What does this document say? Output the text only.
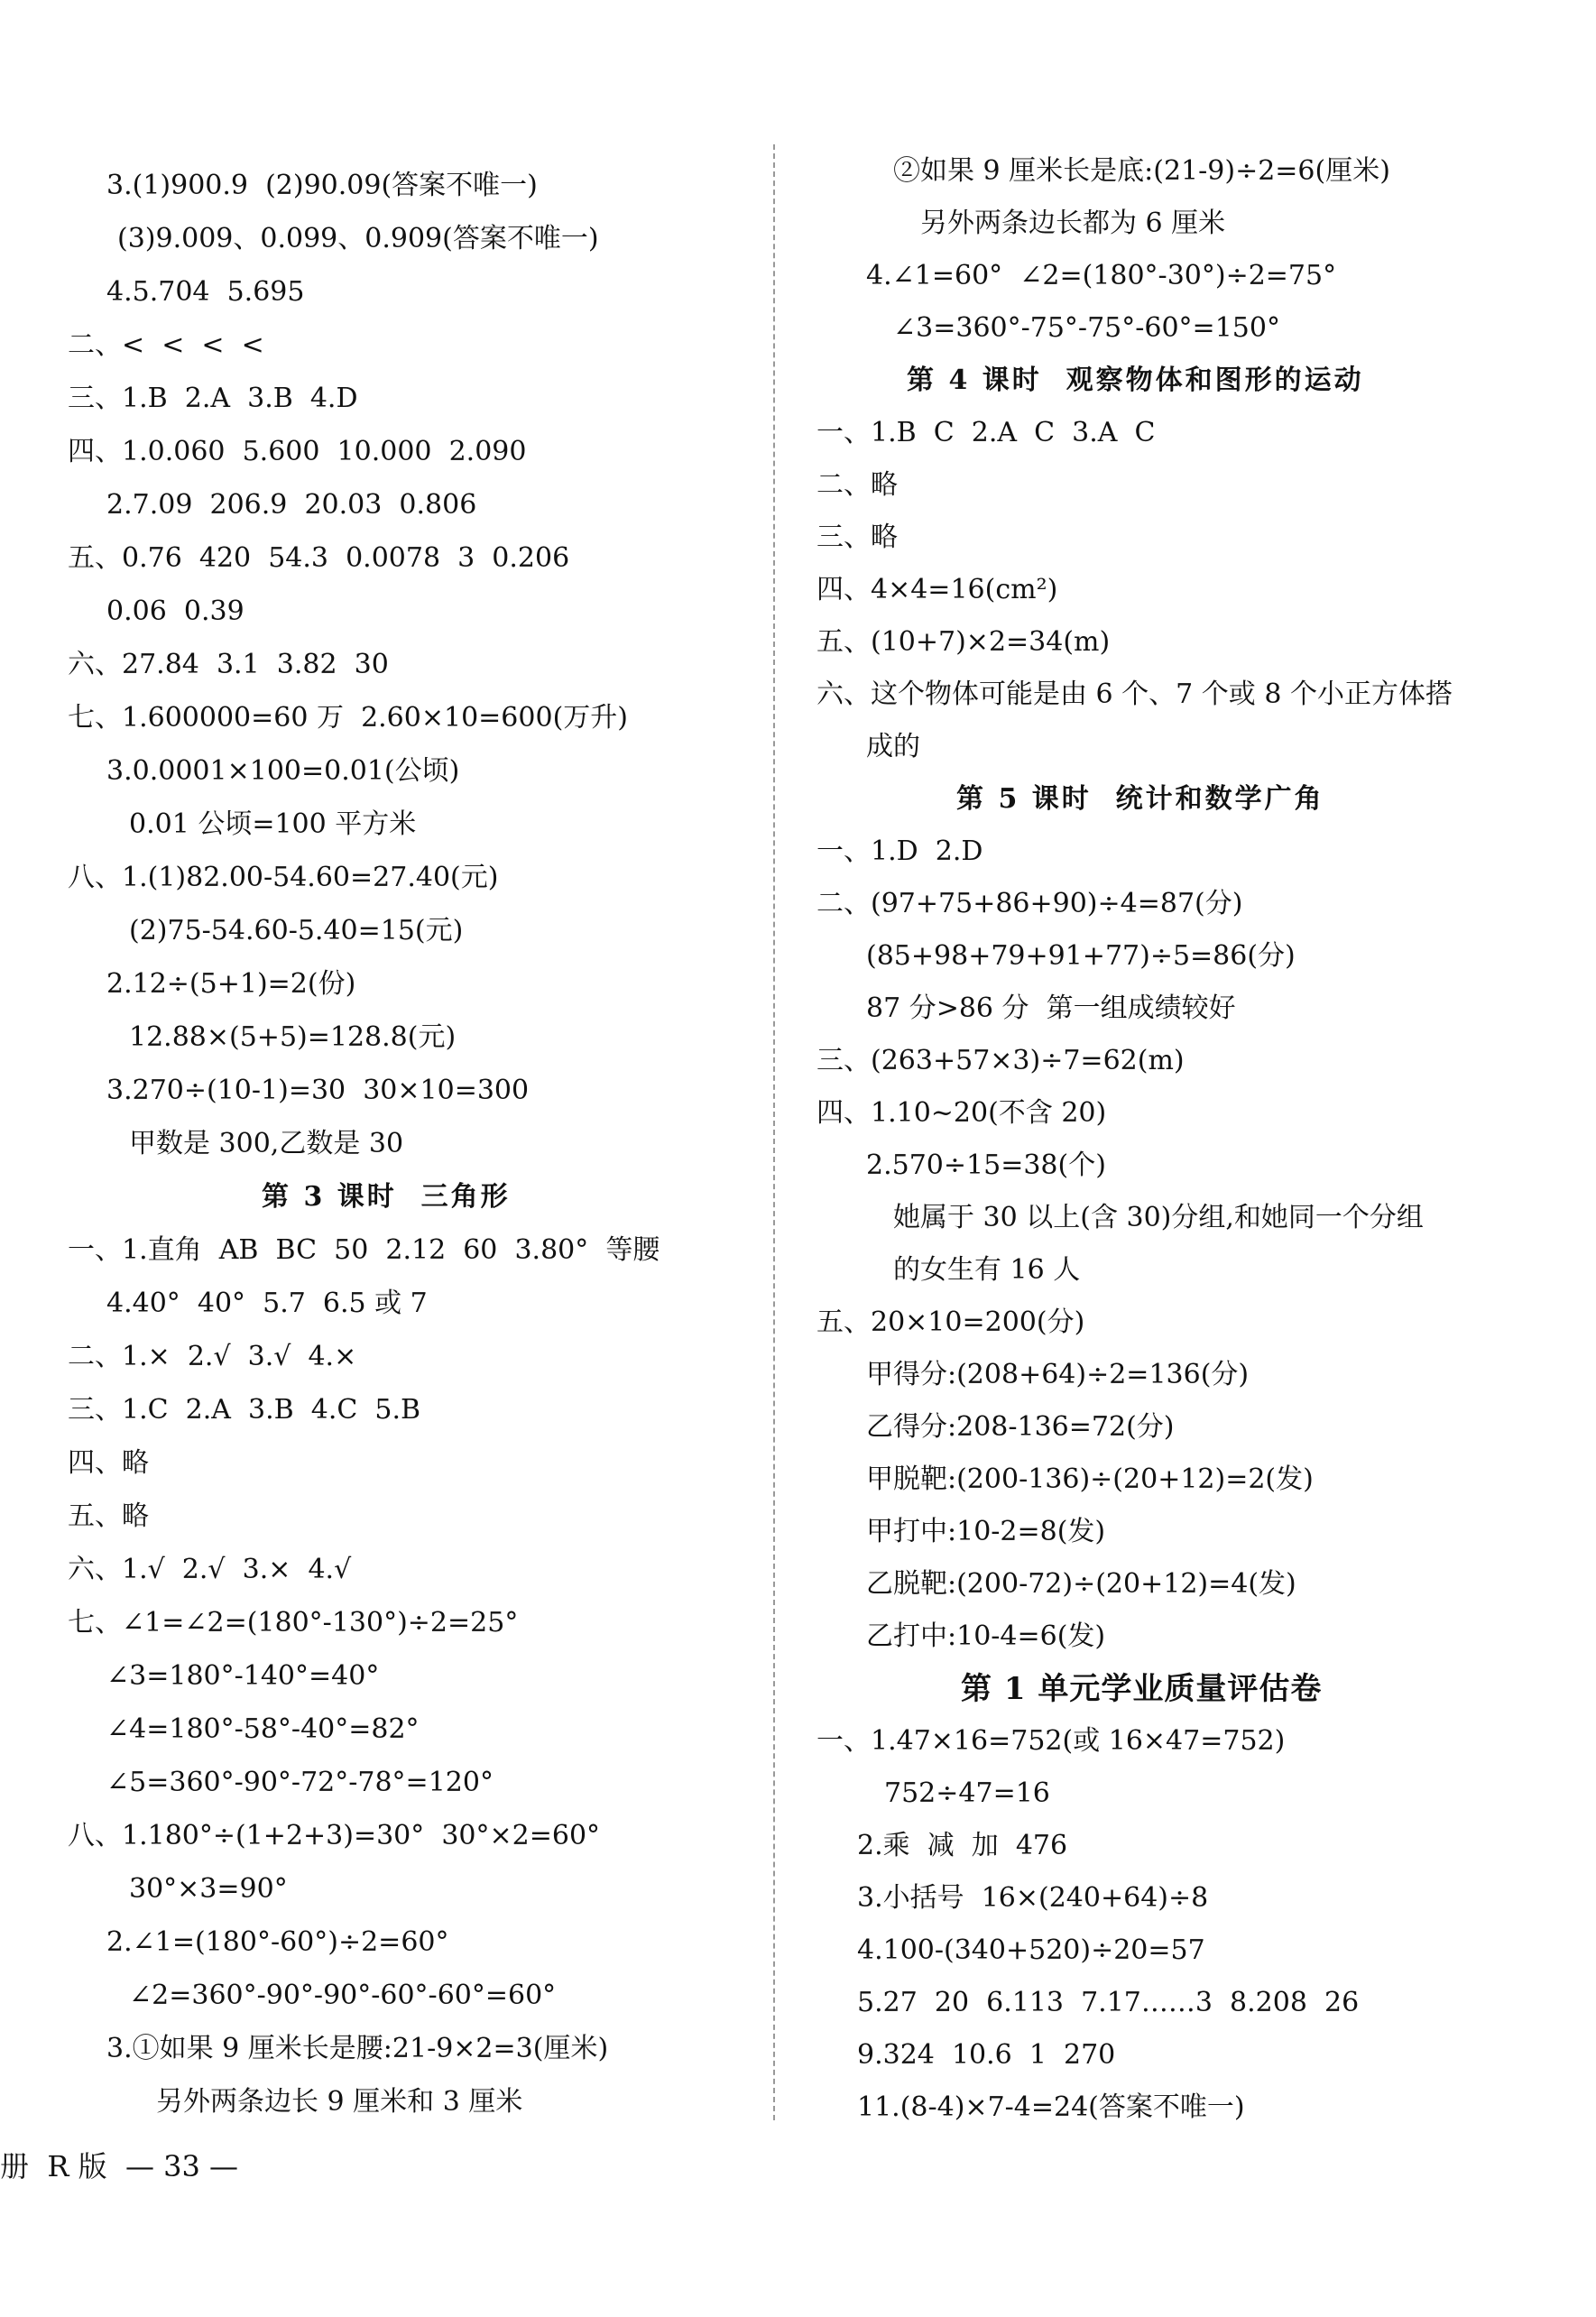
3.(1)900.9  (2)90.09(答案不唯一)
(3)9.009、0.099、0.909(答案不唯一)
4.5.704  5.695
二、<  <  <  <
三、1.B  2.A  3.B  4.D
四、1.0.060  5.600  10.000  2.090
2.7.09  206.9  20.03  0.806
五、0.76  420  54.3  0.0078  3  0.206
0.06  0.39
六、27.84  3.1  3.82  30
七、1.600000=60 万  2.60×10=600(万升)
3.0.0001×100=0.01(公顷)
0.01 公顷=100 平方米
八、1.(1)82.00-54.60=27.40(元)
(2)75-54.60-5.40=15(元)
2.12÷(5+1)=2(份)
12.88×(5+5)=128.8(元)
3.270÷(10-1)=30  30×10=300
甲数是 300,乙数是 30
第 3 课时  三角形
一、1.直角  AB  BC  50  2.12  60  3.80°  等腰
4.40°  40°  5.7  6.5 或 7
二、1.×  2.√  3.√  4.×
三、1.C  2.A  3.B  4.C  5.B
四、略
五、略
六、1.√  2.√  3.×  4.√
七、∠1=∠2=(180°-130°)÷2=25°
∠3=180°-140°=40°
∠4=180°-58°-40°=82°
∠5=360°-90°-72°-78°=120°
八、1.180°÷(1+2+3)=30°  30°×2=60°
30°×3=90°
2.∠1=(180°-60°)÷2=60°
∠2=360°-90°-90°-60°-60°=60°
3.①如果 9 厘米长是腰:21-9×2=3(厘米)
另外两条边长 9 厘米和 3 厘米
②如果 9 厘米长是底:(21-9)÷2=6(厘米)
另外两条边长都为 6 厘米
4.∠1=60°  ∠2=(180°-30°)÷2=75°
∠3=360°-75°-75°-60°=150°
第 4 课时  观察物体和图形的运动
一、1.B  C  2.A  C  3.A  C
二、略
三、略
四、4×4=16(cm²)
五、(10+7)×2=34(m)
六、这个物体可能是由 6 个、7 个或 8 个小正方体搭
成的
第 5 课时  统计和数学广角
一、1.D  2.D
二、(97+75+86+90)÷4=87(分)
(85+98+79+91+77)÷5=86(分)
87 分>86 分  第一组成绩较好
三、(263+57×3)÷7=62(m)
四、1.10~20(不含 20)
2.570÷15=38(个)
她属于 30 以上(含 30)分组,和她同一个分组
的女生有 16 人
五、20×10=200(分)
甲得分:(208+64)÷2=136(分)
乙得分:208-136=72(分)
甲脱靶:(200-136)÷(20+12)=2(发)
甲打中:10-2=8(发)
乙脱靶:(200-72)÷(20+12)=4(发)
乙打中:10-4=6(发)
第 1 单元学业质量评估卷
一、1.47×16=752(或 16×47=752)
752÷47=16
2.乘  减  加  476
3.小括号  16×(240+64)÷8
4.100-(340+520)÷20=57
5.27  20  6.113  7.17……3  8.208  26
9.324  10.6  1  270
11.(8-4)×7-4=24(答案不唯一)
册  R 版  — 33 —
